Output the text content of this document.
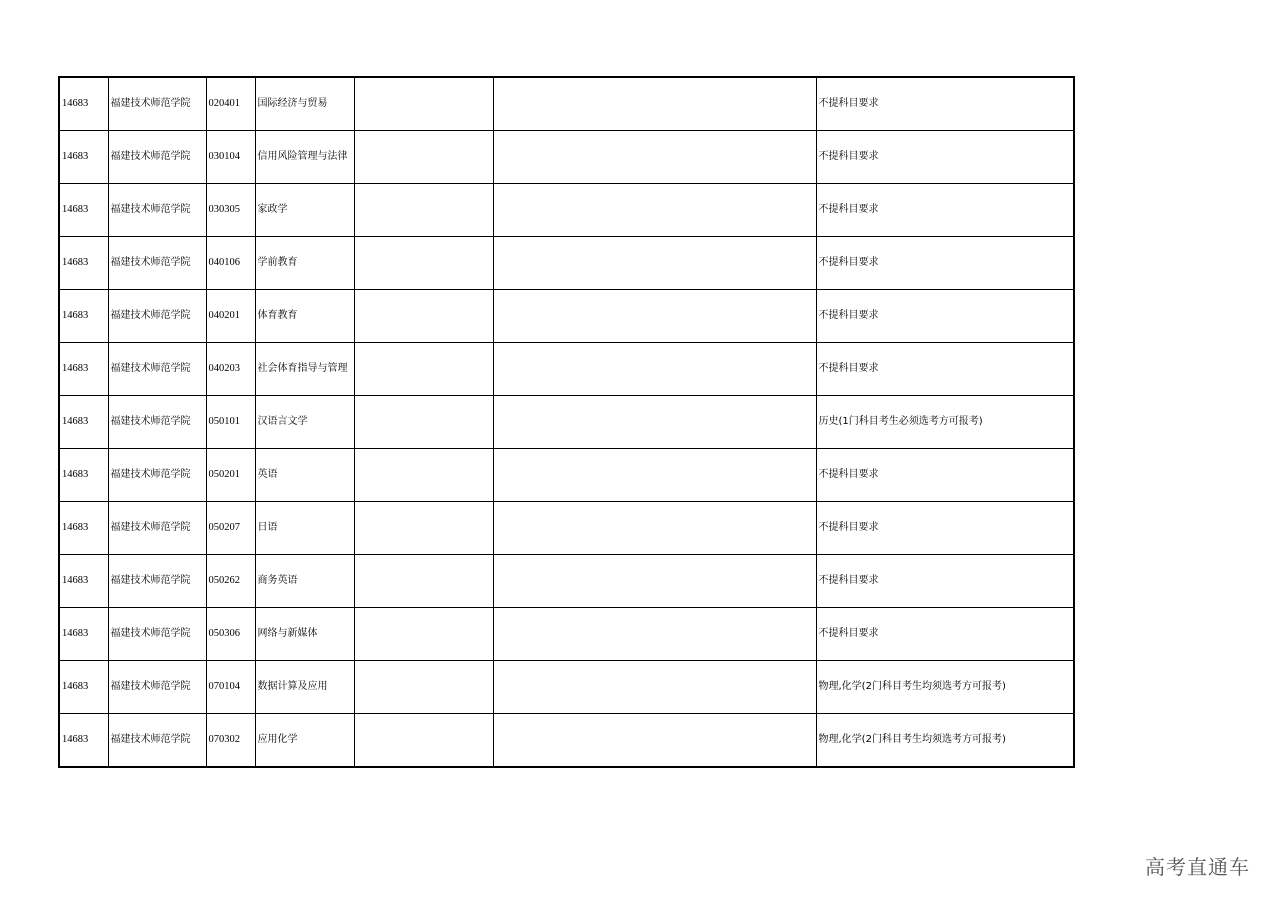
14683	福建技术师范学院	020401	国际经济与贸易			不提科目要求
14683	福建技术师范学院	030104	信用风险管理与法律			不提科目要求
14683	福建技术师范学院	030305	家政学			不提科目要求
14683	福建技术师范学院	040106	学前教育			不提科目要求
14683	福建技术师范学院	040201	体育教育			不提科目要求
14683	福建技术师范学院	040203	社会体育指导与管理			不提科目要求
14683	福建技术师范学院	050101	汉语言文学			历史(1门科目考生必须选考方可报考)
14683	福建技术师范学院	050201	英语			不提科目要求
14683	福建技术师范学院	050207	日语			不提科目要求
14683	福建技术师范学院	050262	商务英语			不提科目要求
14683	福建技术师范学院	050306	网络与新媒体			不提科目要求
14683	福建技术师范学院	070104	数据计算及应用			物理,化学(2门科目考生均须选考方可报考)
14683	福建技术师范学院	070302	应用化学			物理,化学(2门科目考生均须选考方可报考)
高考直通车
